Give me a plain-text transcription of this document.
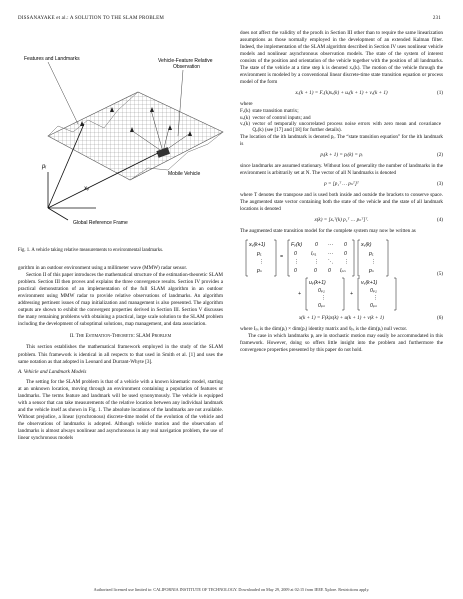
DISSANAYAKE et al.: A SOLUTION TO THE SLAM PROBLEM	231
Features and Landmarks	Vehicle-Feature Relative Observation
Mobile Vehicle
Global Reference Frame
pᵢ
xᵥ
Fig. 1. A vehicle taking relative measurements to environmental landmarks.

gorithm in an outdoor environment using a millimeter wave (MMW) radar sensor.

Section II of this paper introduces the mathematical structure of the estimation-theoretic SLAM problem. Section III then proves and explains the three convergence results. Section IV provides a practical demonstration of an implementation of the full SLAM algorithm in an outdoor environment using MMW radar to provide relative observations of landmarks. An algorithm addressing pertinent issues of map initialization and management is also presented. The algorithm outputs are shown to exhibit the convergent properties derived in Section III. Section V discusses the many remaining problems with obtaining a practical, large scale solution to the SLAM problem including the development of suboptimal solutions, map management, and data association.

II. The Estimation-Theoretic SLAM Problem

This section establishes the mathematical framework employed in the study of the SLAM problem. This framework is identical in all respects to that used in Smith et al. [1] and uses the same notation as that adopted in Leonard and Durrant-Whyte [3].

A. Vehicle and Landmark Models

The setting for the SLAM problem is that of a vehicle with a known kinematic model, starting at an unknown location, moving through an environment containing a population of features or landmarks. The terms feature and landmark will be used synonymously. The vehicle is equipped with a sensor that can take measurements of the relative location between any individual landmark and the vehicle itself as shown in Fig. 1. The absolute locations of the landmarks are not available. Without prejudice, a linear (synchronous) discrete-time model of the evolution of the vehicle and the observations of landmarks is adopted. Although vehicle motion and the observation of landmarks is almost always nonlinear and asynchronous in any real navigation problem, the use of linear synchronous models

does not affect the validity of the proofs in Section III other than to require the same linearization assumptions as those normally employed in the development of an extended Kalman filter. Indeed, the implementation of the SLAM algorithm described in Section IV uses nonlinear vehicle models and nonlinear asynchronous observation models. The state of the system of interest consists of the position and orientation of the vehicle together with the position of all landmarks. The state of the vehicle at a time step k is denoted xᵥ(k). The motion of the vehicle through the environment is modeled by a conventional linear discrete-time state transition equation or process model of the form

xᵥ(k + 1) = Fᵥ(k)xᵥ(k) + uᵥ(k + 1) + vᵥ(k + 1)	(1)

where

Fᵥ(k)	state transition matrix;
uᵥ(k)	vector of control inputs; and
vᵥ(k)	vector of temporally uncorrelated process noise errors with zero mean and covariance Qᵥ(k) (see [17] and [18] for further details).

The location of the ith landmark is denoted pᵢ. The “state transition equation” for the ith landmark is

pᵢ(k + 1) = pᵢ(k) = pᵢ	(2)

since landmarks are assumed stationary. Without loss of generality the number of landmarks in the environment is arbitrarily set at N. The vector of all N landmarks is denoted

p = [p₁ᵀ … pₙᵀ]ᵀ	(3)

where T denotes the transpose and is used both inside and outside the brackets to conserve space. The augmented state vector containing both the state of the vehicle and the state of all landmark locations is denoted

x(k) = [xᵥᵀ(k) p₁ᵀ … pₙᵀ]ᵀ.	(4)

The augmented state transition model for the complete system may now be written as

xᵥ(k+1)
p₁
⋮
pₙ
=
Fᵥ(k) 0 ⋯ 0
0	Iₚ₁ ⋯ 0
⋮	⋮ ⋱ ⋮
0	0 0 Iₚₙ
xᵥ(k)
p₁
⋮
pₙ
+
uᵥ(k+1)
0ₚ₁
⋮
0ₚₙ
+
vᵥ(k+1)
0ₚ₁
⋮
0ₚₙ
(5)
x(k + 1) = F(k)x(k) + u(k + 1) + v(k + 1)	(6)

where Iₚᵢ is the dim(pᵢ) × dim(pᵢ) identity matrix and 0ₚᵢ is the dim(pᵢ) null vector.

The case in which landmarks pᵢ are in stochastic motion may easily be accommodated in this framework. However, doing so offers little insight into the problem and furthermore the convergence properties presented by this paper do not hold.

Authorized licensed use limited to: CALIFORNIA INSTITUTE OF TECHNOLOGY. Downloaded on May 29, 2009 at 02:15 from IEEE Xplore. Restrictions apply.
